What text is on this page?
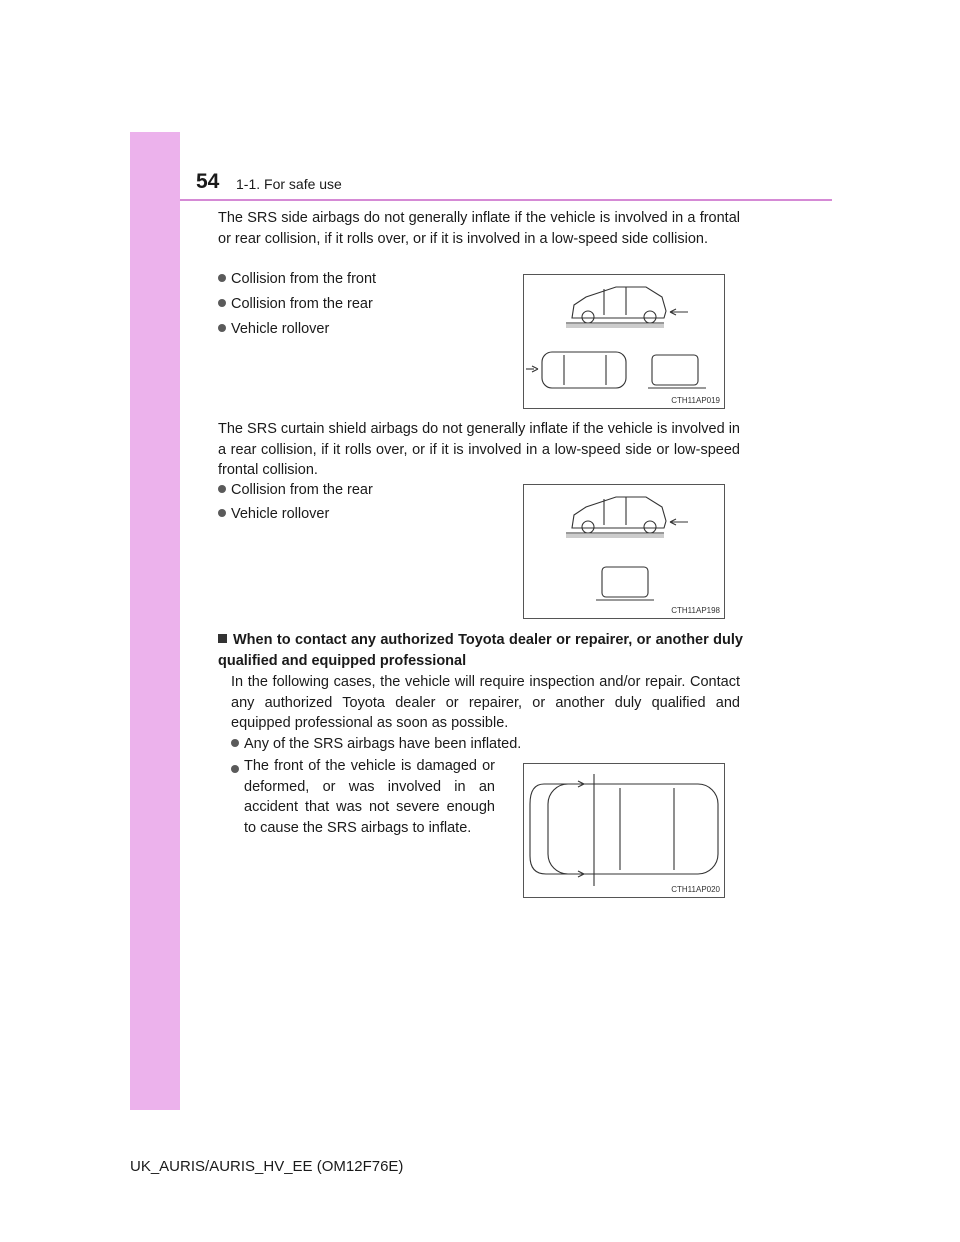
54 1-1. For safe use

The SRS side airbags do not generally inflate if the vehicle is involved in a frontal or rear collision, if it rolls over, or if it is involved in a low-speed side collision.

Collision from the front
Collision from the rear
Vehicle rollover
CTH11AP019

The SRS curtain shield airbags do not generally inflate if the vehicle is involved in a rear collision, if it rolls over, or if it is involved in a low-speed side or low-speed frontal collision.

Collision from the rear
Vehicle rollover
CTH11AP198

When to contact any authorized Toyota dealer or repairer, or another duly qualified and equipped professional

In the following cases, the vehicle will require inspection and/or repair. Contact any authorized Toyota dealer or repairer, or another duly qualified and equipped professional as soon as possible.

Any of the SRS airbags have been inflated.

The front of the vehicle is damaged or deformed, or was involved in an accident that was not severe enough to cause the SRS airbags to inflate.

CTH11AP020
UK_AURIS/AURIS_HV_EE (OM12F76E)
